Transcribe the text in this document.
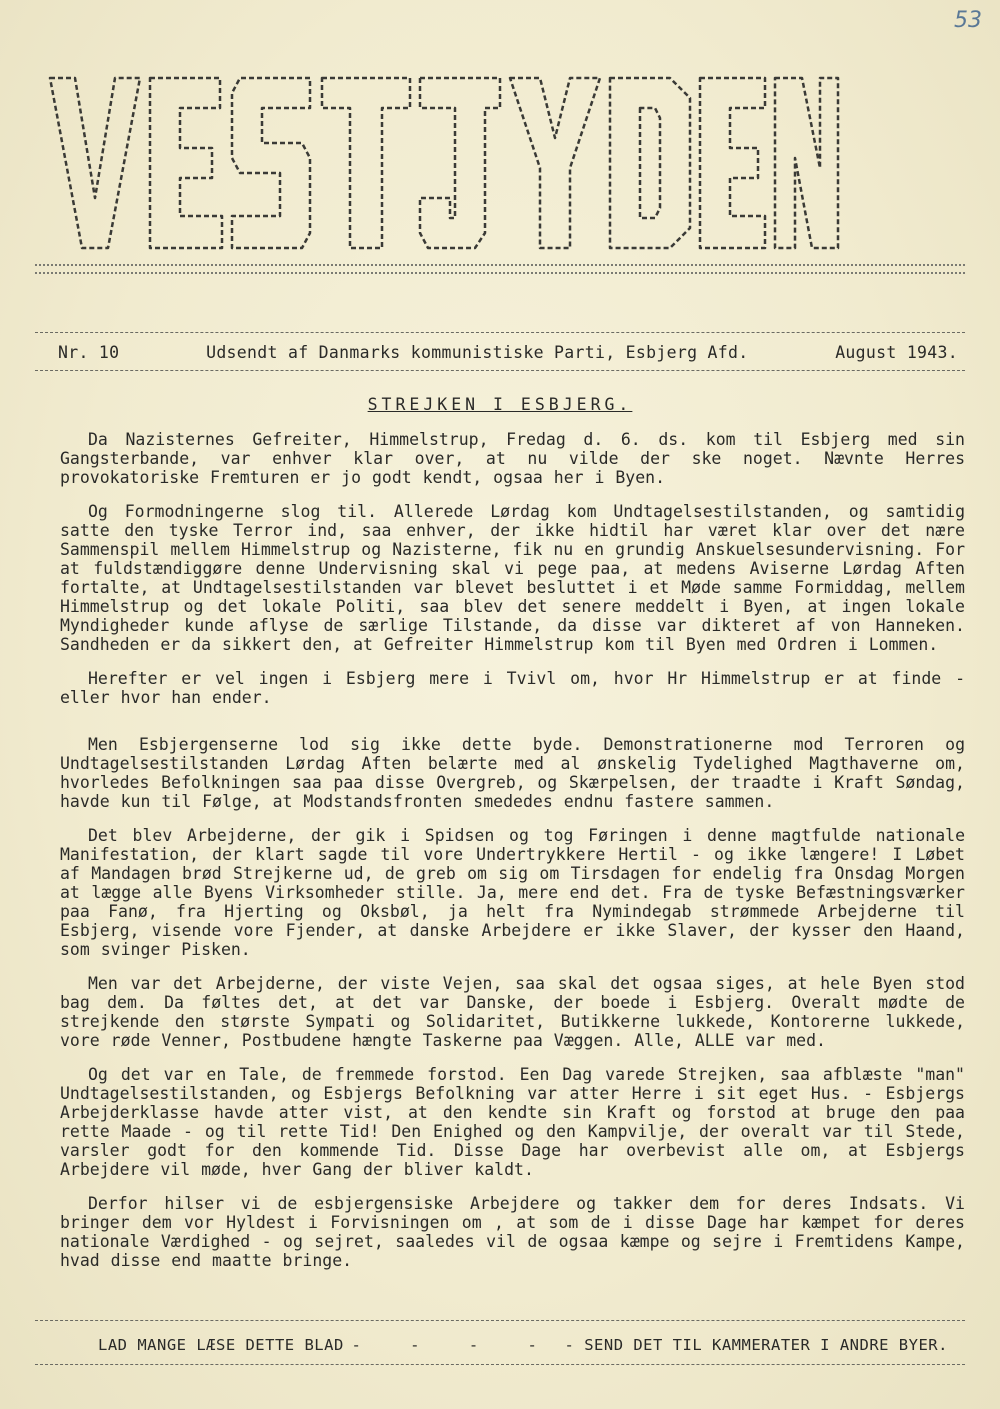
53
Nr. 10	Udsendt af Danmarks kommunistiske Parti, Esbjerg Afd.	August 1943.
STREJKEN I ESBJERG.

Da Nazisternes Gefreiter, Himmelstrup, Fredag d. 6. ds. kom til Esbjerg med sin Gangsterbande, var enhver klar over, at nu vilde der ske noget. Nævnte Herres provokatoriske Fremturen er jo godt kendt, ogsaa her i Byen.

Og Formodningerne slog til. Allerede Lørdag kom Undtagelsestilstanden, og samtidig satte den tyske Terror ind, saa enhver, der ikke hidtil har været klar over det nære Sammenspil mellem Himmelstrup og Nazisterne, fik nu en grundig Anskuelsesundervisning. For at fuldstændiggøre denne Undervisning skal vi pege paa, at medens Aviserne Lørdag Aften fortalte, at Undtagelsestilstanden var blevet besluttet i et Møde samme Formiddag, mellem Himmelstrup og det lokale Politi, saa blev det senere meddelt i Byen, at ingen lokale Myndigheder kunde aflyse de særlige Tilstande, da disse var dikteret af von Hanneken. Sandheden er da sikkert den, at Gefreiter Himmelstrup kom til Byen med Ordren i Lommen.

Herefter er vel ingen i Esbjerg mere i Tvivl om, hvor Hr Himmelstrup er at finde - eller hvor han ender.

Men Esbjergenserne lod sig ikke dette byde. Demonstrationerne mod Terroren og Undtagelsestilstanden Lørdag Aften belærte med al ønskelig Tydelighed Magthaverne om, hvorledes Befolkningen saa paa disse Overgreb, og Skærpelsen, der traadte i Kraft Søndag, havde kun til Følge, at Modstandsfronten smededes endnu fastere sammen.

Det blev Arbejderne, der gik i Spidsen og tog Føringen i denne magtfulde nationale Manifestation, der klart sagde til vore Undertrykkere Hertil - og ikke længere! I Løbet af Mandagen brød Strejkerne ud, de greb om sig om Tirsdagen for endelig fra Onsdag Morgen at lægge alle Byens Virksomheder stille. Ja, mere end det. Fra de tyske Befæstningsværker paa Fanø, fra Hjerting og Oksbøl, ja helt fra Nymindegab strømmede Arbejderne til Esbjerg, visende vore Fjender, at danske Arbejdere er ikke Slaver, der kysser den Haand, som svinger Pisken.

Men var det Arbejderne, der viste Vejen, saa skal det ogsaa siges, at hele Byen stod bag dem. Da føltes det, at det var Danske, der boede i Esbjerg. Overalt mødte de strejkende den største Sympati og Solidaritet, Butikkerne lukkede, Kontorerne lukkede, vore røde Venner, Postbudene hængte Taskerne paa Væggen. Alle, ALLE var med.

Og det var en Tale, de fremmede forstod. Een Dag varede Strejken, saa afblæste "man" Undtagelsestilstanden, og Esbjergs Befolkning var atter Herre i sit eget Hus. - Esbjergs Arbejderklasse havde atter vist, at den kendte sin Kraft og forstod at bruge den paa rette Maade - og til rette Tid! Den Enighed og den Kampvilje, der overalt var til Stede, varsler godt for den kommende Tid. Disse Dage har overbevist alle om, at Esbjergs Arbejdere vil møde, hver Gang der bliver kaldt.

Derfor hilser vi de esbjergensiske Arbejdere og takker dem for deres Indsats. Vi bringer dem vor Hyldest i Forvisningen om , at som de i disse Dage har kæmpet for deres nationale Værdighed - og sejret, saaledes vil de ogsaa kæmpe og sejre i Fremtidens Kampe, hvad disse end maatte bringe.

LAD MANGE LÆSE DETTE BLAD - - - - - SEND DET TIL KAMMERATER I ANDRE BYER.
